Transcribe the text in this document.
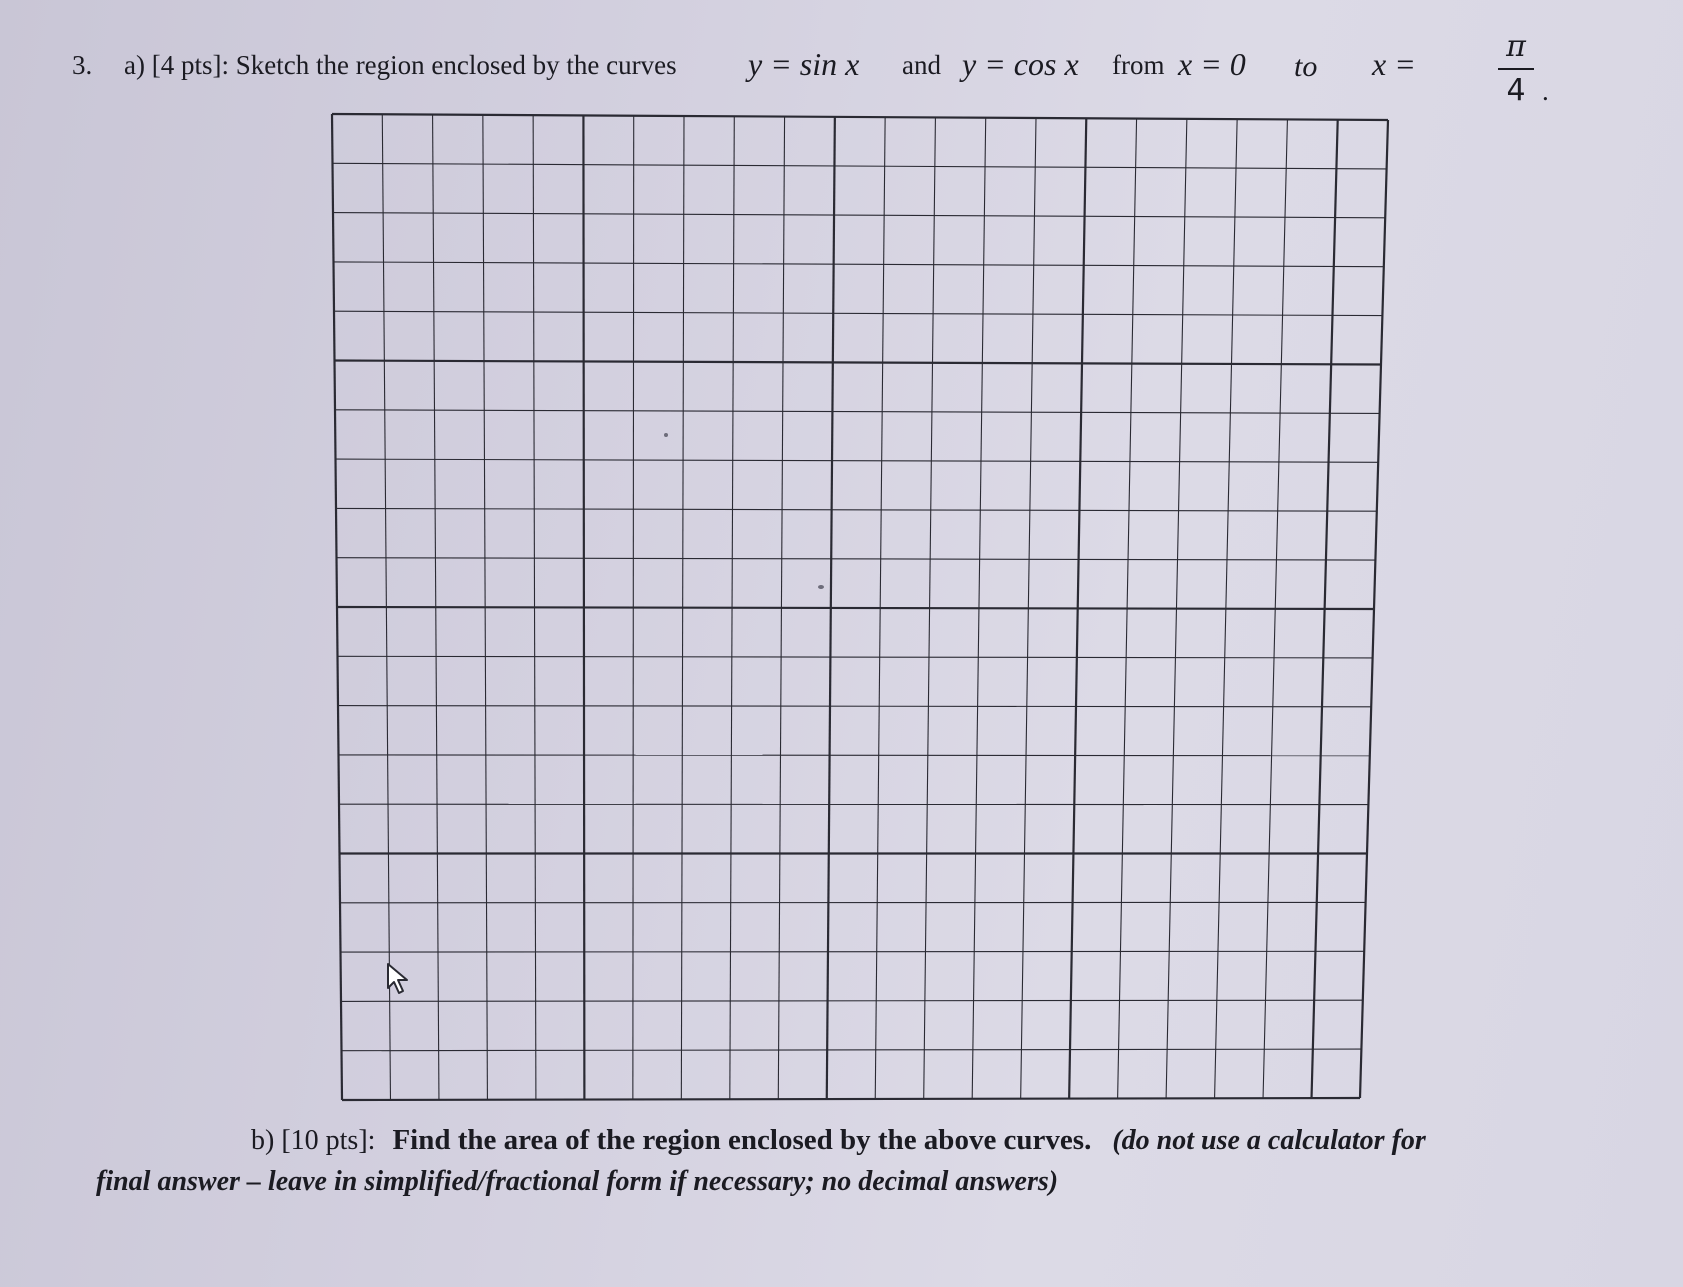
3. a) [4 pts]: Sketch the region enclosed by the curves y = sin x and y = cos x from x = 0 to x =	π
4 .
b) [10 pts]: Find the area of the region enclosed by the above curves. (do not use a calculator for
final answer – leave in simplified/fractional form if necessary; no decimal answers)
